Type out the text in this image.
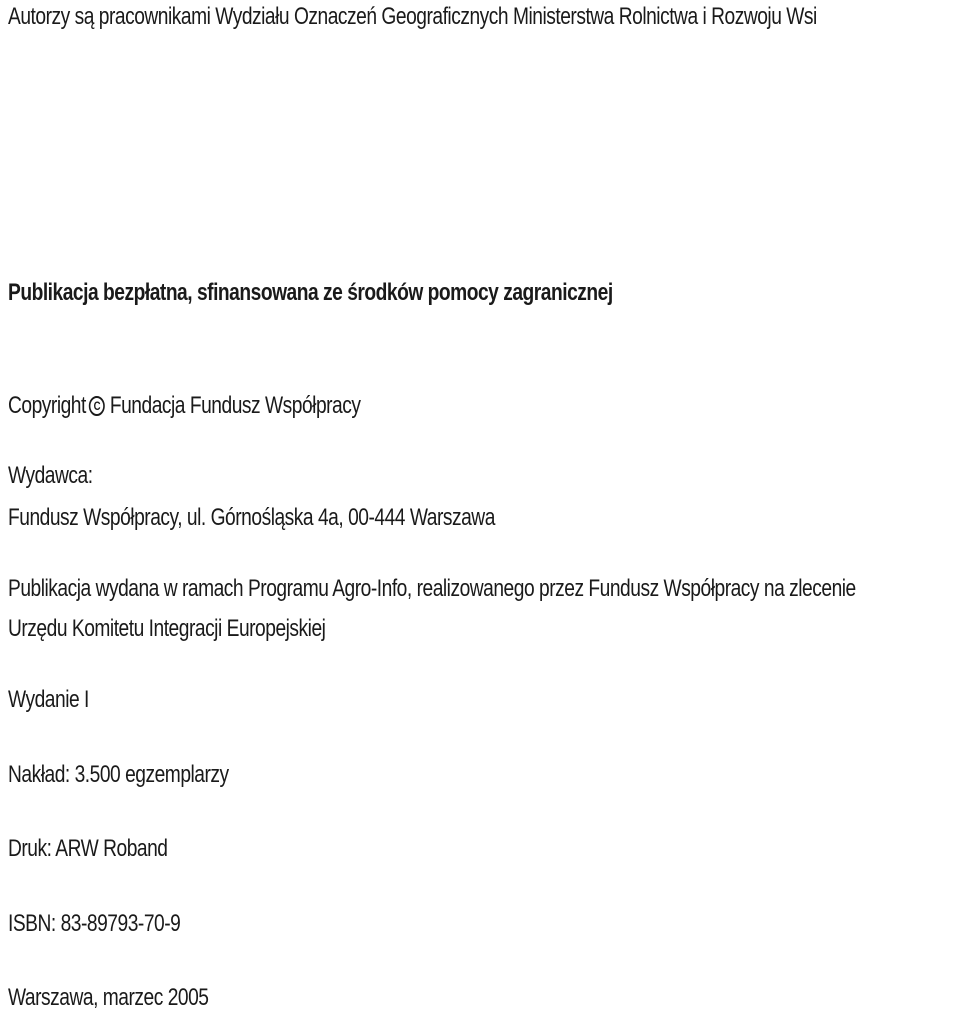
Autorzy są pracownikami Wydziału Oznaczeń Geograficznych Ministerstwa Rolnictwa i Rozwoju Wsi
Publikacja bezpłatna, sfinansowana ze środków pomocy zagranicznej
CopyrightC Fundacja Fundusz Współpracy
Wydawca:
Fundusz Współpracy, ul. Górnośląska 4a, 00-444 Warszawa
Publikacja wydana w ramach Programu Agro-Info, realizowanego przez Fundusz Współpracy na zlecenie
Urzędu Komitetu Integracji Europejskiej
Wydanie I
Nakład: 3.500 egzemplarzy
Druk: ARW Roband
ISBN: 83-89793-70-9
Warszawa, marzec 2005
